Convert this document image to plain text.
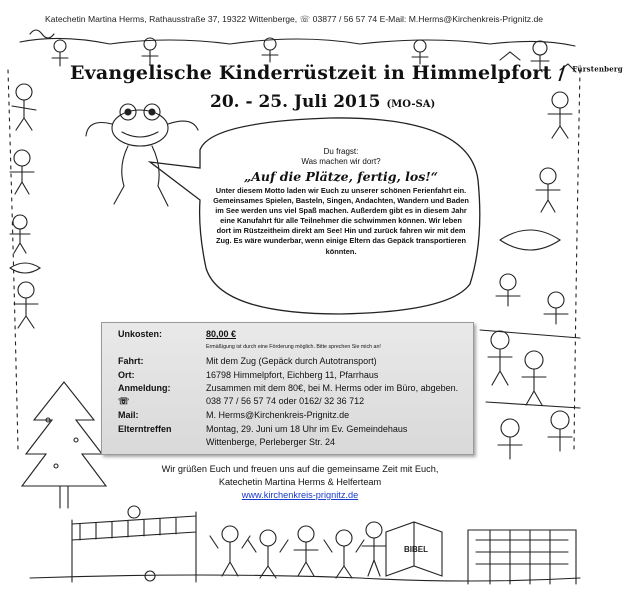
Katechetin Martina Herms, Rathausstraße 37, 19322 Wittenberge, ☏ 03877 / 56 57 74 E-Mail: M.Herms@Kirchenkreis-Prignitz.de
BIBEL
Evangelische Kinderrüstzeit in Himmelpfort / $^{Fürstenberg}$
20. - 25. Juli 2015 (MO-SA)
Du fragst:
Was machen wir dort?
„Auf die Plätze, fertig, los!“
Unter diesem Motto laden wir Euch zu unserer schönen Ferienfahrt ein. Gemeinsames Spielen, Basteln, Singen, Andachten, Wandern und Baden im See werden uns viel Spaß machen. Außerdem gibt es in diesem Jahr eine Kanufahrt für alle Teilnehmer die schwimmen können. Wir leben dort im Rüstzeitheim direkt am See! Hin und zurück fahren wir mit dem Zug. Es wäre wunderbar, wenn einige Eltern das Gepäck transportieren könnten.
Unkosten:	80,00 €
Ermäßigung ist durch eine Förderung möglich. Bitte sprechen Sie mich an!
Fahrt:	Mit dem Zug (Gepäck durch Autotransport)
Ort:	16798 Himmelpfort, Eichberg 11, Pfarrhaus
Anmeldung:	Zusammen mit dem 80€, bei M. Herms oder im Büro, abgeben.
☏	038 77 / 56 57 74 oder 0162/ 32 36 712
Mail:	M. Herms@Kirchenkreis-Prignitz.de
Elterntreffen	Montag, 29. Juni um 18 Uhr im Ev. Gemeindehaus
Wittenberge, Perleberger Str. 24
Wir grüßen Euch und freuen uns auf die gemeinsame Zeit mit Euch,
Katechetin Martina Herms & Helferteam
www.kirchenkreis-prignitz.de
